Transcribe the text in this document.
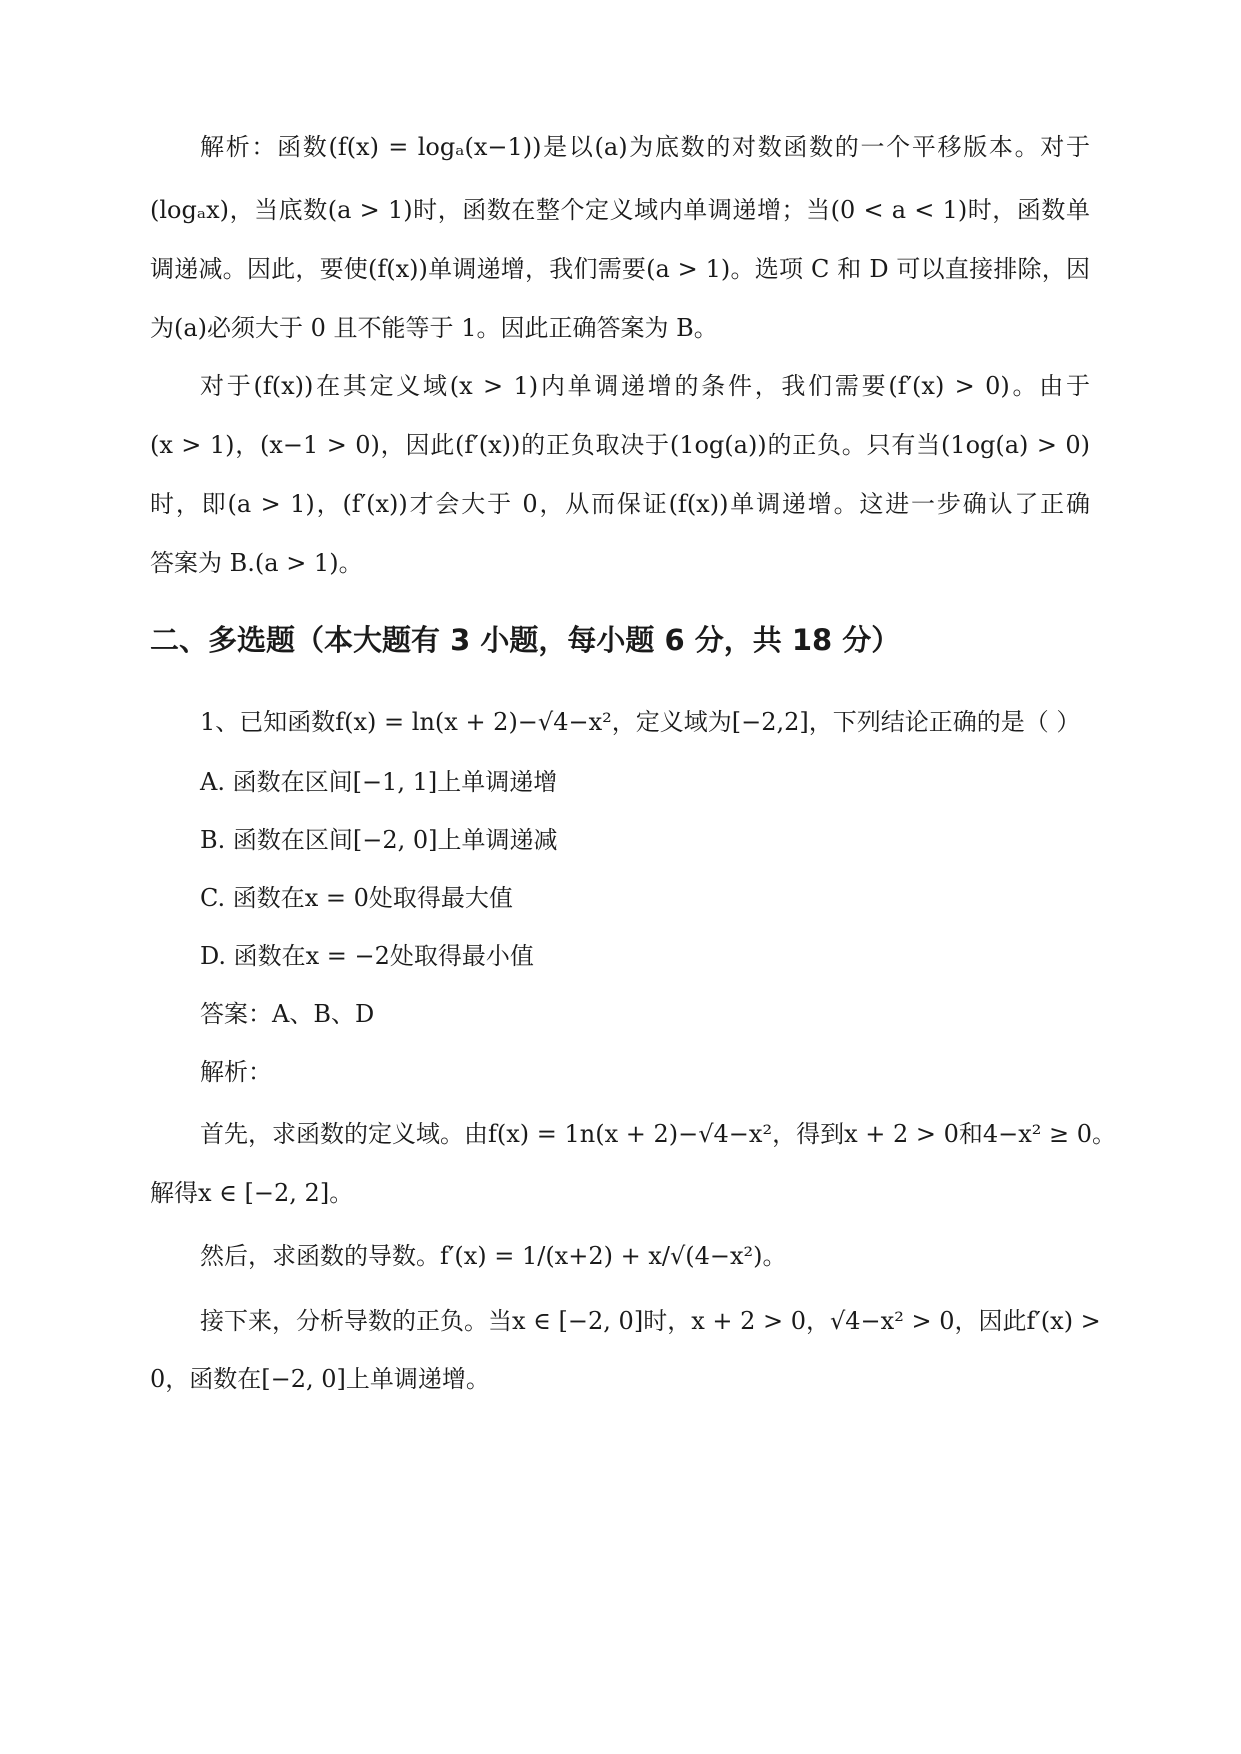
解析：函数(f(x) = logₐ(x−1))是以(a)为底数的对数函数的一个平移版本。对于
(logₐx)，当底数(a > 1)时，函数在整个定义域内单调递增；当(0 < a < 1)时，函数单
调递减。因此，要使(f(x))单调递增，我们需要(a > 1)。选项 C 和 D 可以直接排除，因
为(a)必须大于 0 且不能等于 1。因此正确答案为 B。
对于(f(x))在其定义域(x > 1)内单调递增的条件，我们需要(f′(x) > 0)。由于
(x > 1)，(x−1 > 0)，因此(f′(x))的正负取决于(1og(a))的正负。只有当(1og(a) > 0)
时，即(a > 1)，(f′(x))才会大于 0，从而保证(f(x))单调递增。这进一步确认了正确
答案为 B.(a > 1)。
二、多选题（本大题有 3 小题，每小题 6 分，共 18 分）
1、已知函数f(x) = ln(x + 2)−√4−x²，定义域为[−2,2]，下列结论正确的是（ ）
A. 函数在区间[−1, 1]上单调递增
B. 函数在区间[−2, 0]上单调递减
C. 函数在x = 0处取得最大值
D. 函数在x = −2处取得最小值
答案：A、B、D
解析：
首先，求函数的定义域。由f(x) = 1n(x + 2)−√4−x²，得到x + 2 > 0和4−x² ≥ 0。
解得x ∈ [−2, 2]。
然后，求函数的导数。f′(x) = 1/(x+2) + x/√(4−x²)。
接下来，分析导数的正负。当x ∈ [−2, 0]时，x + 2 > 0，√4−x² > 0，因此f′(x) >
0，函数在[−2, 0]上单调递增。
